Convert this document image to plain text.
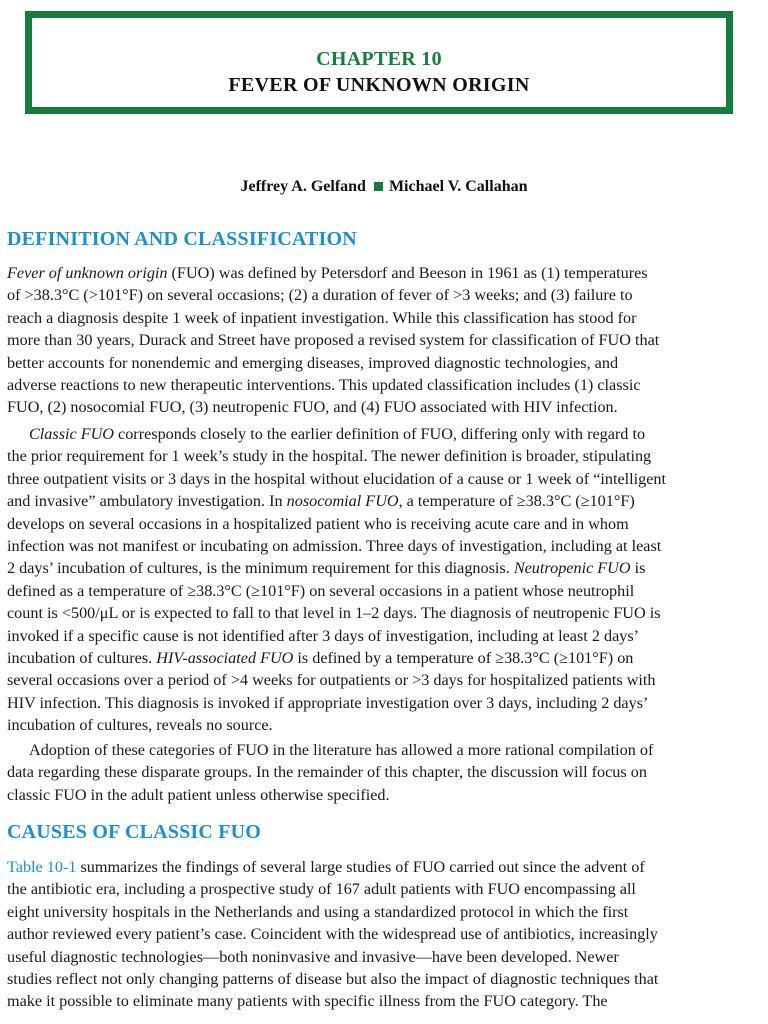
CHAPTER 10
FEVER OF UNKNOWN ORIGIN
Jeffrey A. Gelfand Michael V. Callahan
DEFINITION AND CLASSIFICATION
Fever of unknown origin (FUO) was defined by Petersdorf and Beeson in 1961 as (1) temperatures
of >38.3°C (>101°F) on several occasions; (2) a duration of fever of >3 weeks; and (3) failure to
reach a diagnosis despite 1 week of inpatient investigation. While this classification has stood for
more than 30 years, Durack and Street have proposed a revised system for classification of FUO that
better accounts for nonendemic and emerging diseases, improved diagnostic technologies, and
adverse reactions to new therapeutic interventions. This updated classification includes (1) classic
FUO, (2) nosocomial FUO, (3) neutropenic FUO, and (4) FUO associated with HIV infection.
Classic FUO corresponds closely to the earlier definition of FUO, differing only with regard to
the prior requirement for 1 week’s study in the hospital. The newer definition is broader, stipulating
three outpatient visits or 3 days in the hospital without elucidation of a cause or 1 week of “intelligent
and invasive” ambulatory investigation. In nosocomial FUO, a temperature of ≥38.3°C (≥101°F)
develops on several occasions in a hospitalized patient who is receiving acute care and in whom
infection was not manifest or incubating on admission. Three days of investigation, including at least
2 days’ incubation of cultures, is the minimum requirement for this diagnosis. Neutropenic FUO is
defined as a temperature of ≥38.3°C (≥101°F) on several occasions in a patient whose neutrophil
count is <500/μL or is expected to fall to that level in 1–2 days. The diagnosis of neutropenic FUO is
invoked if a specific cause is not identified after 3 days of investigation, including at least 2 days’
incubation of cultures. HIV-associated FUO is defined by a temperature of ≥38.3°C (≥101°F) on
several occasions over a period of >4 weeks for outpatients or >3 days for hospitalized patients with
HIV infection. This diagnosis is invoked if appropriate investigation over 3 days, including 2 days’
incubation of cultures, reveals no source.
Adoption of these categories of FUO in the literature has allowed a more rational compilation of
data regarding these disparate groups. In the remainder of this chapter, the discussion will focus on
classic FUO in the adult patient unless otherwise specified.
CAUSES OF CLASSIC FUO
Table 10-1 summarizes the findings of several large studies of FUO carried out since the advent of
the antibiotic era, including a prospective study of 167 adult patients with FUO encompassing all
eight university hospitals in the Netherlands and using a standardized protocol in which the first
author reviewed every patient’s case. Coincident with the widespread use of antibiotics, increasingly
useful diagnostic technologies—both noninvasive and invasive—have been developed. Newer
studies reflect not only changing patterns of disease but also the impact of diagnostic techniques that
make it possible to eliminate many patients with specific illness from the FUO category. The
